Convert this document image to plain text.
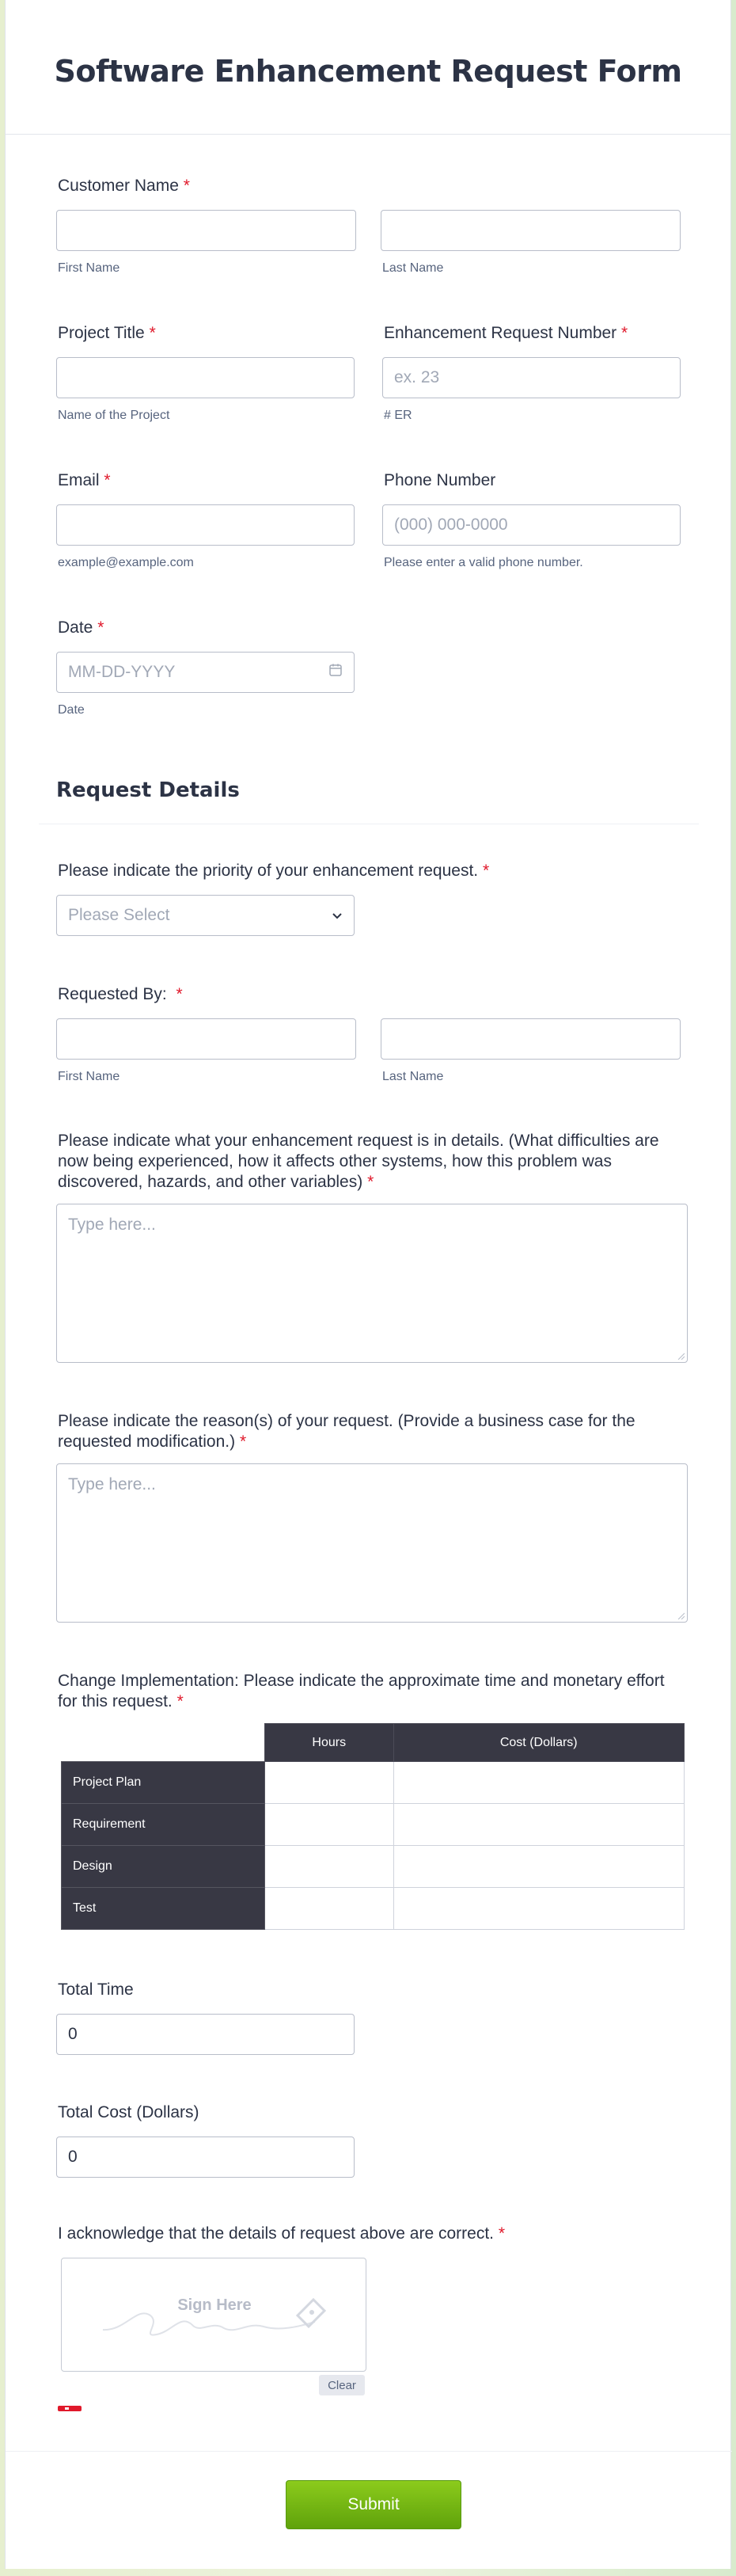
Software Enhancement Request Form
Customer Name *
First Name	Last Name
Project Title *
Name of the Project
Enhancement Request Number *
ex. 23
# ER
Email *
example@example.com
Phone Number
(000) 000-0000
Please enter a valid phone number.
Date *
MM-DD-YYYY
Date
Request Details
Please indicate the priority of your enhancement request. *
Please Select
Requested By: *
First Name	Last Name
Please indicate what your enhancement request is in details. (What difficulties are now being experienced, how it affects other systems, how this problem was discovered, hazards, and other variables) *
Type here...
Please indicate the reason(s) of your request. (Provide a business case for the requested modification.) *
Type here...
Change Implementation: Please indicate the approximate time and monetary effort for this request. *
	Hours	Cost (Dollars)
Project Plan		
Requirement		
Design		
Test		
Total Time
0
Total Cost (Dollars)
0
I acknowledge that the details of request above are correct. *
Sign Here
Clear
Submit
